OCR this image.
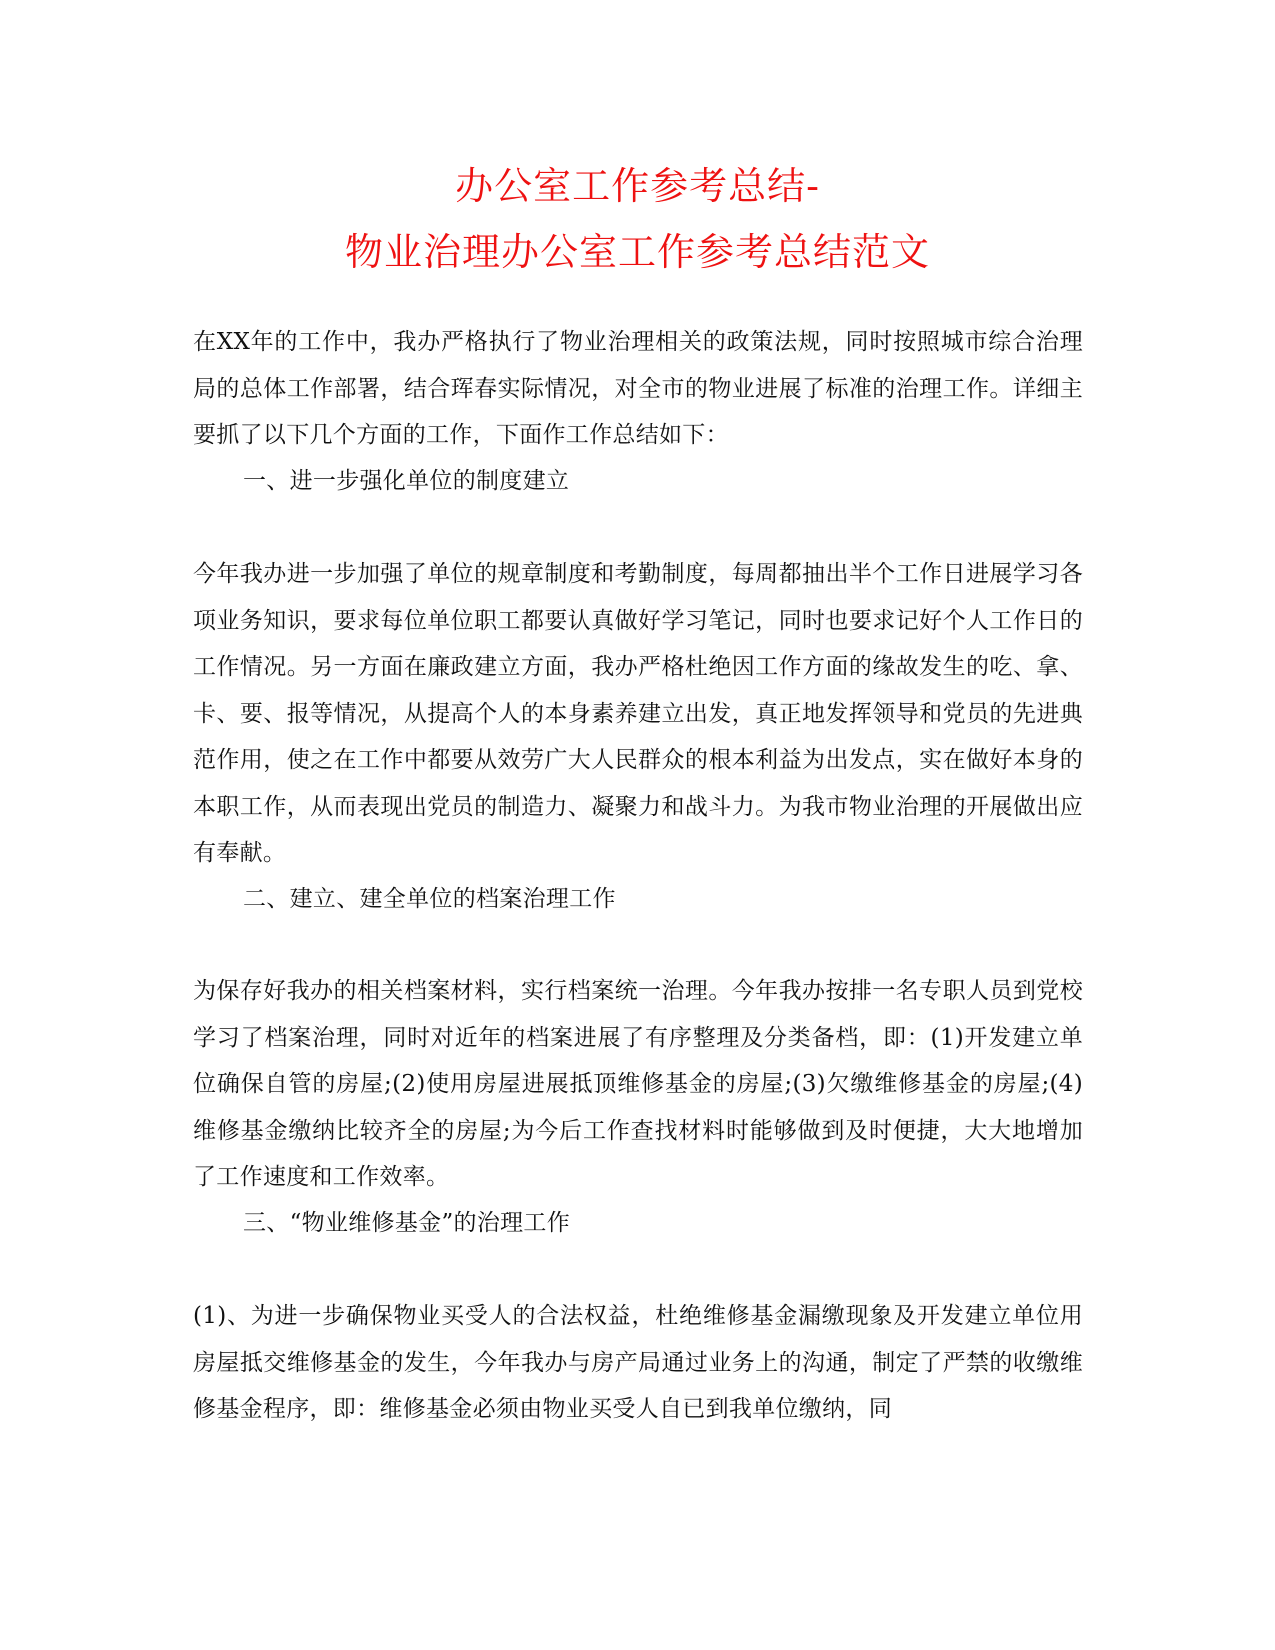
办公室工作参考总结-
物业治理办公室工作参考总结范文
在XX年的工作中，我办严格执行了物业治理相关的政策法规，同时按照城市综合治理局的总体工作部署，结合珲春实际情况，对全市的物业进展了标准的治理工作。详细主要抓了以下几个方面的工作，下面作工作总结如下：
一、进一步强化单位的制度建立
今年我办进一步加强了单位的规章制度和考勤制度，每周都抽出半个工作日进展学习各项业务知识，要求每位单位职工都要认真做好学习笔记，同时也要求记好个人工作日的工作情况。另一方面在廉政建立方面，我办严格杜绝因工作方面的缘故发生的吃、拿、卡、要、报等情况，从提高个人的本身素养建立出发，真正地发挥领导和党员的先进典范作用，使之在工作中都要从效劳广大人民群众的根本利益为出发点，实在做好本身的本职工作，从而表现出党员的制造力、凝聚力和战斗力。为我市物业治理的开展做出应有奉献。
二、建立、建全单位的档案治理工作
为保存好我办的相关档案材料，实行档案统一治理。今年我办按排一名专职人员到党校学习了档案治理，同时对近年的档案进展了有序整理及分类备档，即：(1)开发建立单位确保自管的房屋;(2)使用房屋进展抵顶维修基金的房屋;(3)欠缴维修基金的房屋;(4)维修基金缴纳比较齐全的房屋;为今后工作查找材料时能够做到及时便捷，大大地增加了工作速度和工作效率。
三、“物业维修基金”的治理工作
(1)、为进一步确保物业买受人的合法权益，杜绝维修基金漏缴现象及开发建立单位用房屋抵交维修基金的发生，今年我办与房产局通过业务上的沟通，制定了严禁的收缴维修基金程序，即：维修基金必须由物业买受人自已到我单位缴纳，同
